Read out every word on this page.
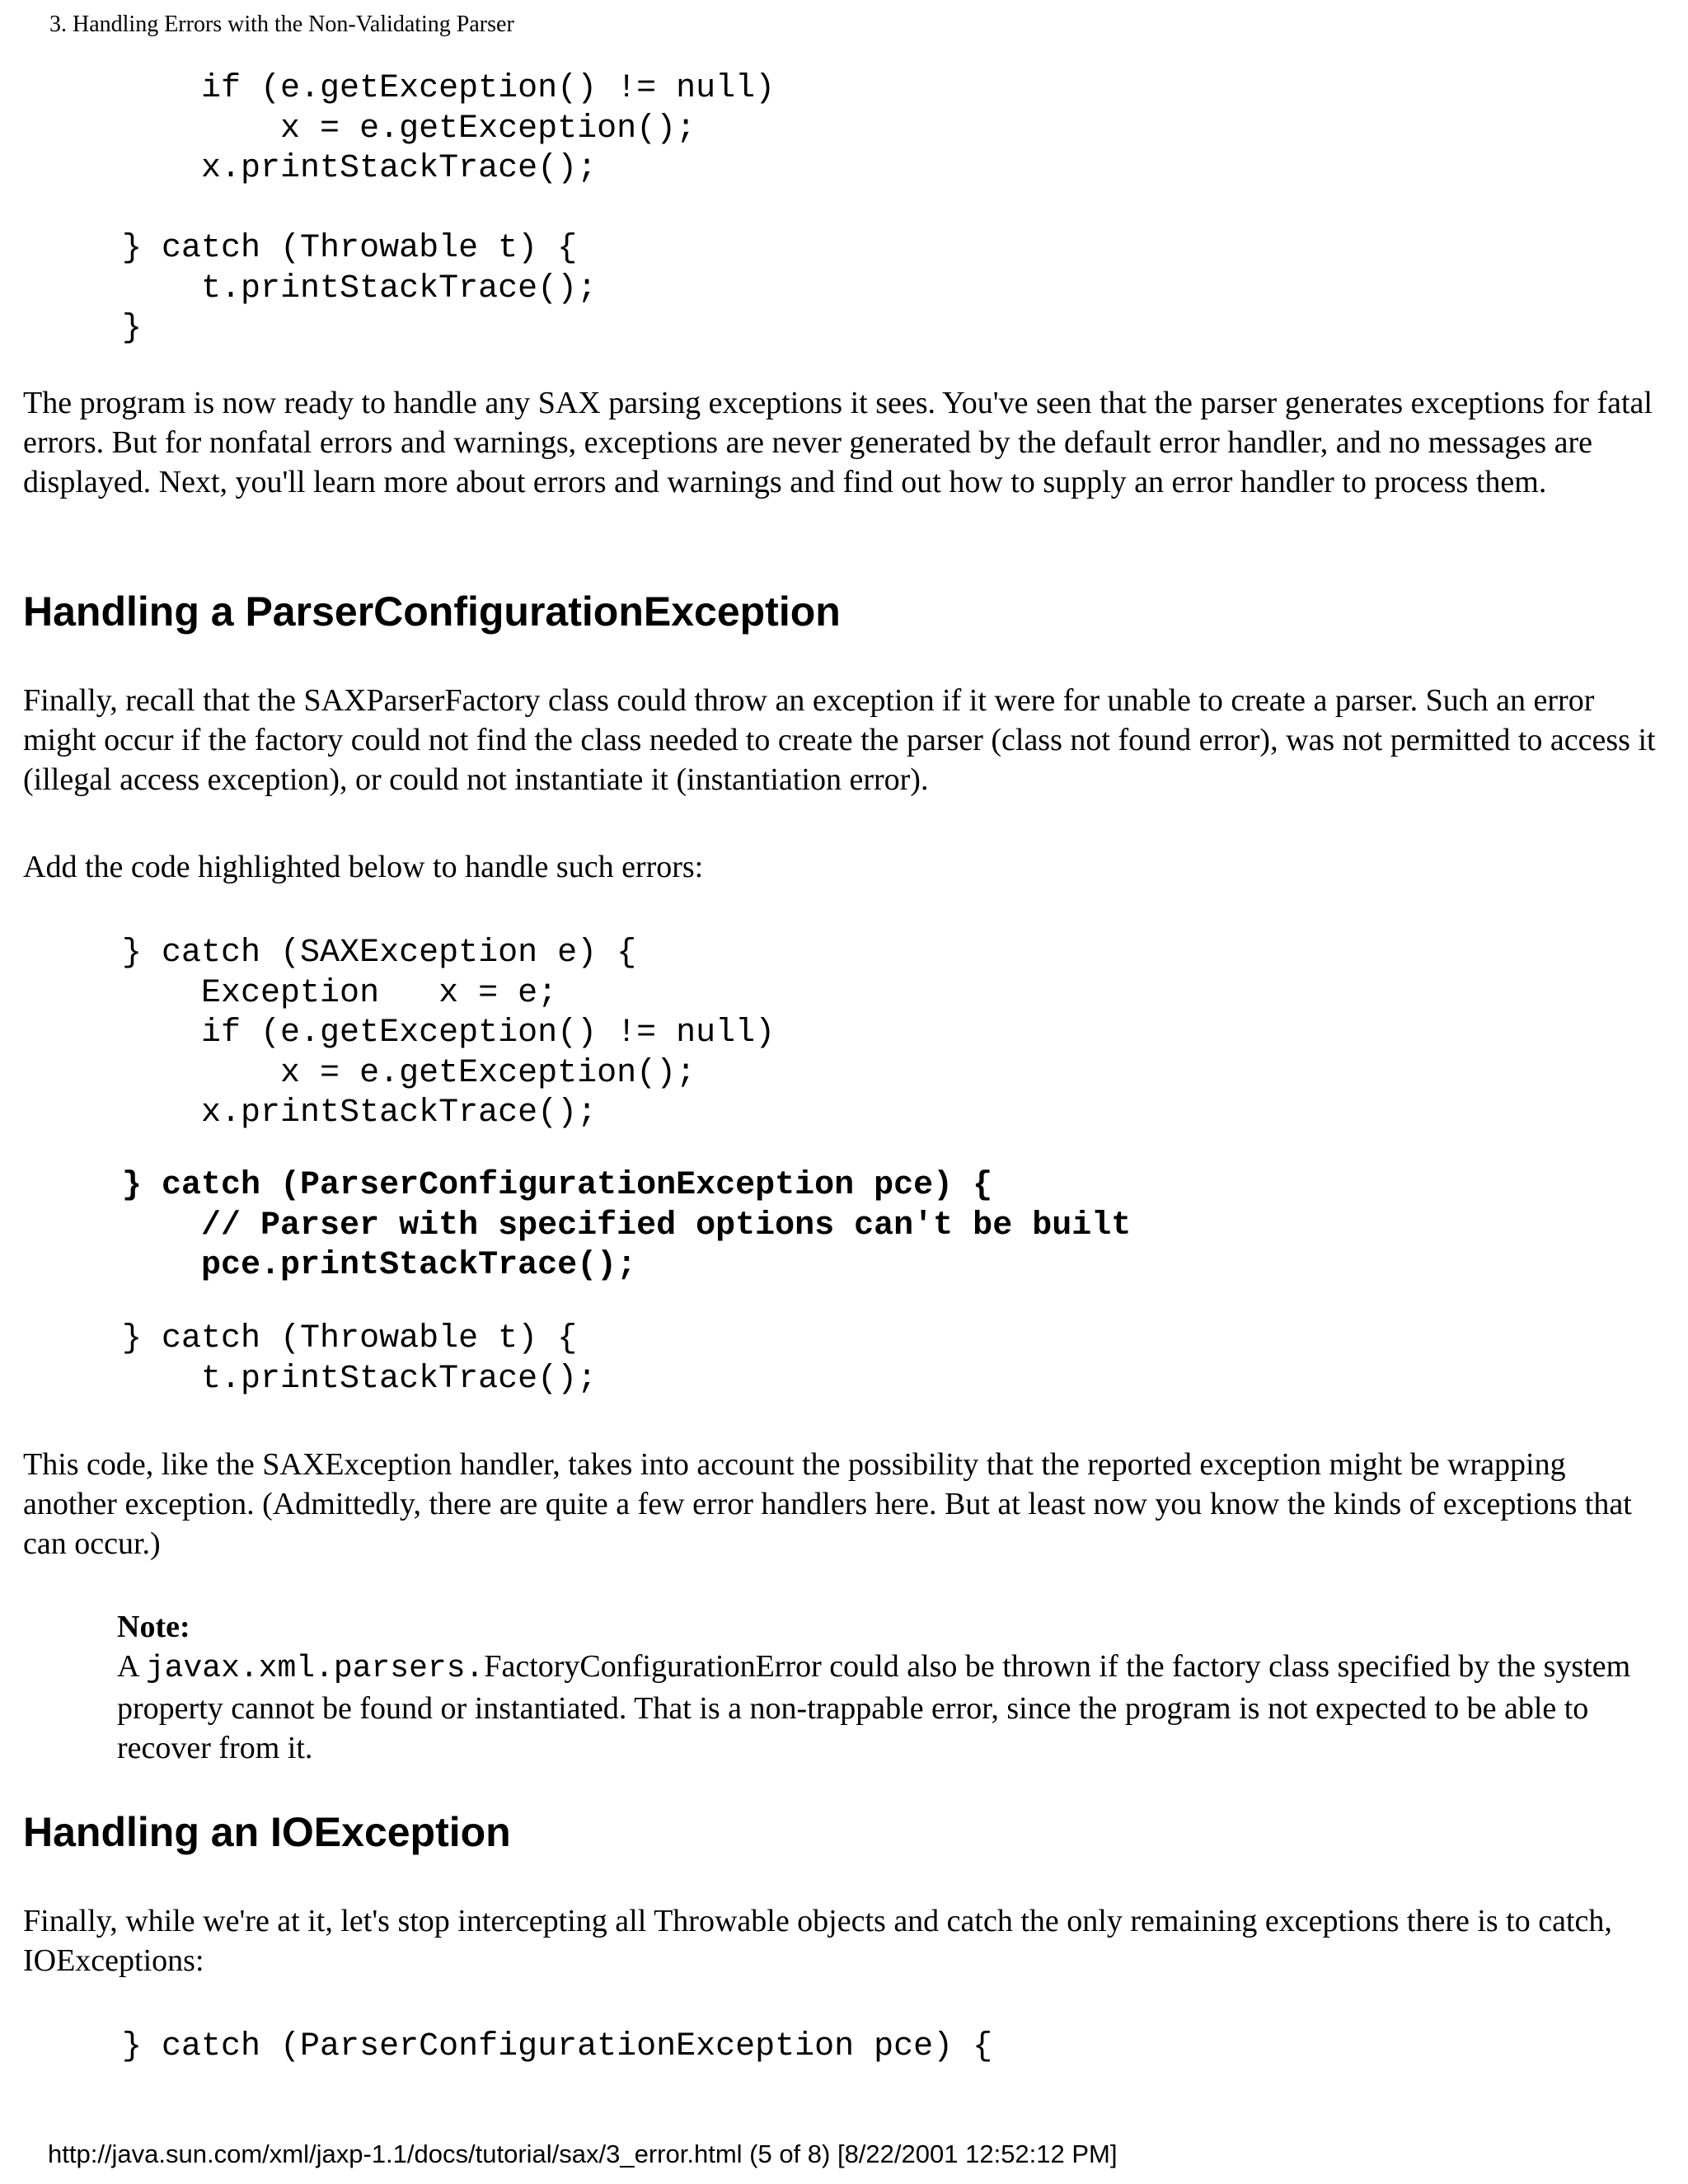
3. Handling Errors with the Non-Validating Parser
if (e.getException() != null)
x = e.getException();
x.printStackTrace();

} catch (Throwable t) {
t.printStackTrace();
}

The program is now ready to handle any SAX parsing exceptions it sees. You've seen that the parser generates exceptions for fatal errors. But for nonfatal errors and warnings, exceptions are never generated by the default error handler, and no messages are displayed. Next, you'll learn more about errors and warnings and find out how to supply an error handler to process them.

Handling a ParserConfigurationException

Finally, recall that the SAXParserFactory class could throw an exception if it were for unable to create a parser. Such an error might occur if the factory could not find the class needed to create the parser (class not found error), was not permitted to access it (illegal access exception), or could not instantiate it (instantiation error).

Add the code highlighted below to handle such errors:

} catch (SAXException e) {
Exception   x = e;
if (e.getException() != null)
x = e.getException();
x.printStackTrace();
} catch (ParserConfigurationException pce) {
// Parser with specified options can't be built
pce.printStackTrace();
} catch (Throwable t) {
t.printStackTrace();

This code, like the SAXException handler, takes into account the possibility that the reported exception might be wrapping another exception. (Admittedly, there are quite a few error handlers here. But at least now you know the kinds of exceptions that can occur.)

Note:
A javax.xml.parsers.FactoryConfigurationError could also be thrown if the factory class specified by the system property cannot be found or instantiated. That is a non-trappable error, since the program is not expected to be able to recover from it.
Handling an IOException

Finally, while we're at it, let's stop intercepting all Throwable objects and catch the only remaining exceptions there is to catch, IOExceptions:

} catch (ParserConfigurationException pce) {
http://java.sun.com/xml/jaxp-1.1/docs/tutorial/sax/3_error.html (5 of 8) [8/22/2001 12:52:12 PM]
